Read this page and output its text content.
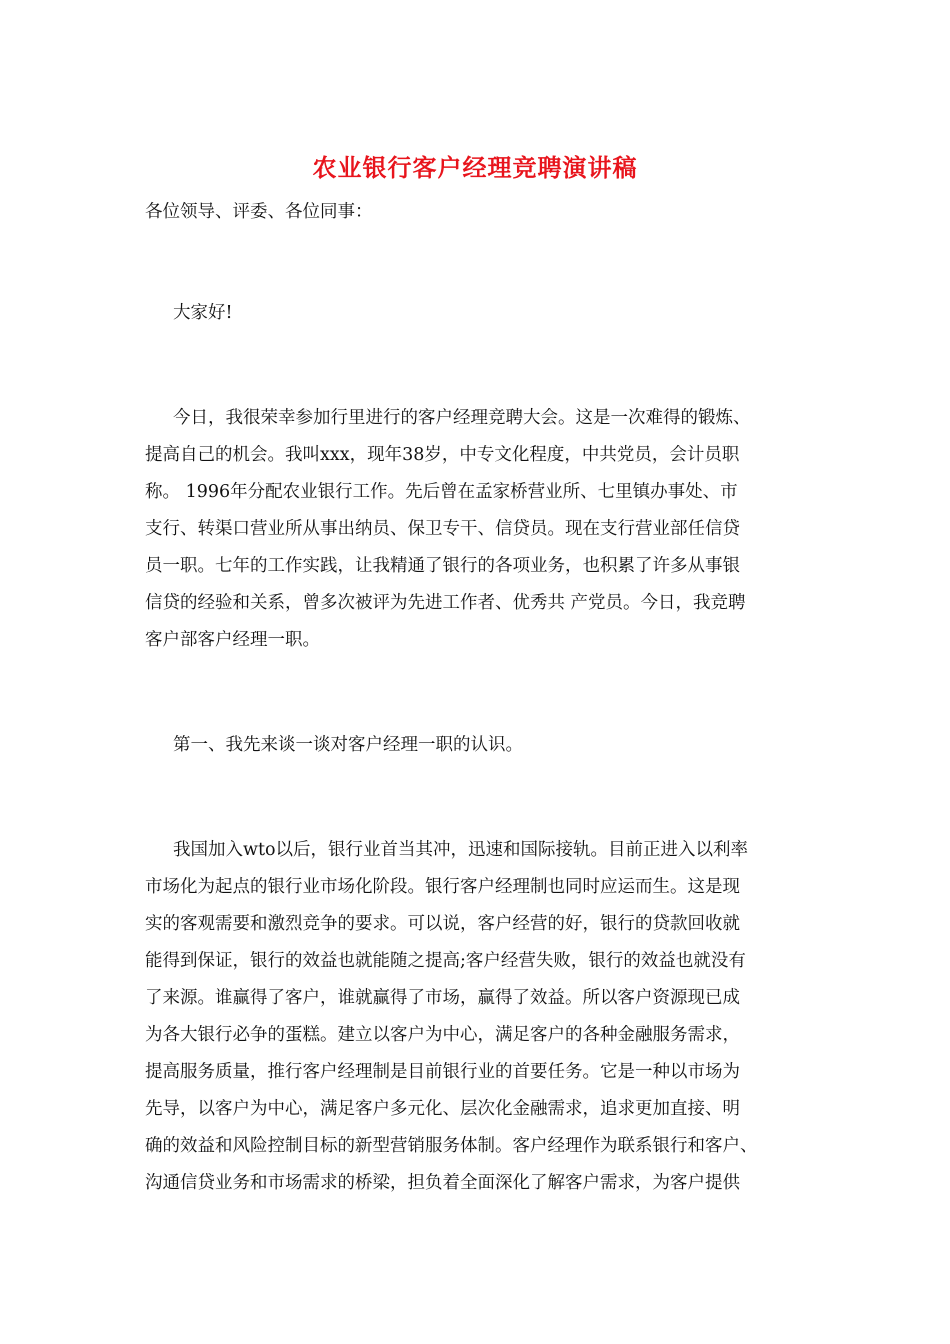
农业银行客户经理竞聘演讲稿
各位领导、评委、各位同事：
大家好!
今日，我很荣幸参加行里进行的客户经理竞聘大会。这是一次难得的锻炼、
提高自己的机会。我叫xxx，现年38岁，中专文化程度，中共党员，会计员职
称。 1996年分配农业银行工作。先后曾在孟家桥营业所、七里镇办事处、市
支行、转渠口营业所从事出纳员、保卫专干、信贷员。现在支行营业部任信贷
员一职。七年的工作实践，让我精通了银行的各项业务，也积累了许多从事银
信贷的经验和关系，曾多次被评为先进工作者、优秀共 产党员。今日，我竞聘
客户部客户经理一职。
第一、我先来谈一谈对客户经理一职的认识。
我国加入wto以后，银行业首当其冲，迅速和国际接轨。目前正进入以利率
市场化为起点的银行业市场化阶段。银行客户经理制也同时应运而生。这是现
实的客观需要和激烈竞争的要求。可以说，客户经营的好，银行的贷款回收就
能得到保证，银行的效益也就能随之提高;客户经营失败，银行的效益也就没有
了来源。谁赢得了客户，谁就赢得了市场，赢得了效益。所以客户资源现已成
为各大银行必争的蛋糕。建立以客户为中心，满足客户的各种金融服务需求，
提高服务质量，推行客户经理制是目前银行业的首要任务。它是一种以市场为
先导，以客户为中心，满足客户多元化、层次化金融需求，追求更加直接、明
确的效益和风险控制目标的新型营销服务体制。客户经理作为联系银行和客户、
沟通信贷业务和市场需求的桥梁，担负着全面深化了解客户需求，为客户提供
